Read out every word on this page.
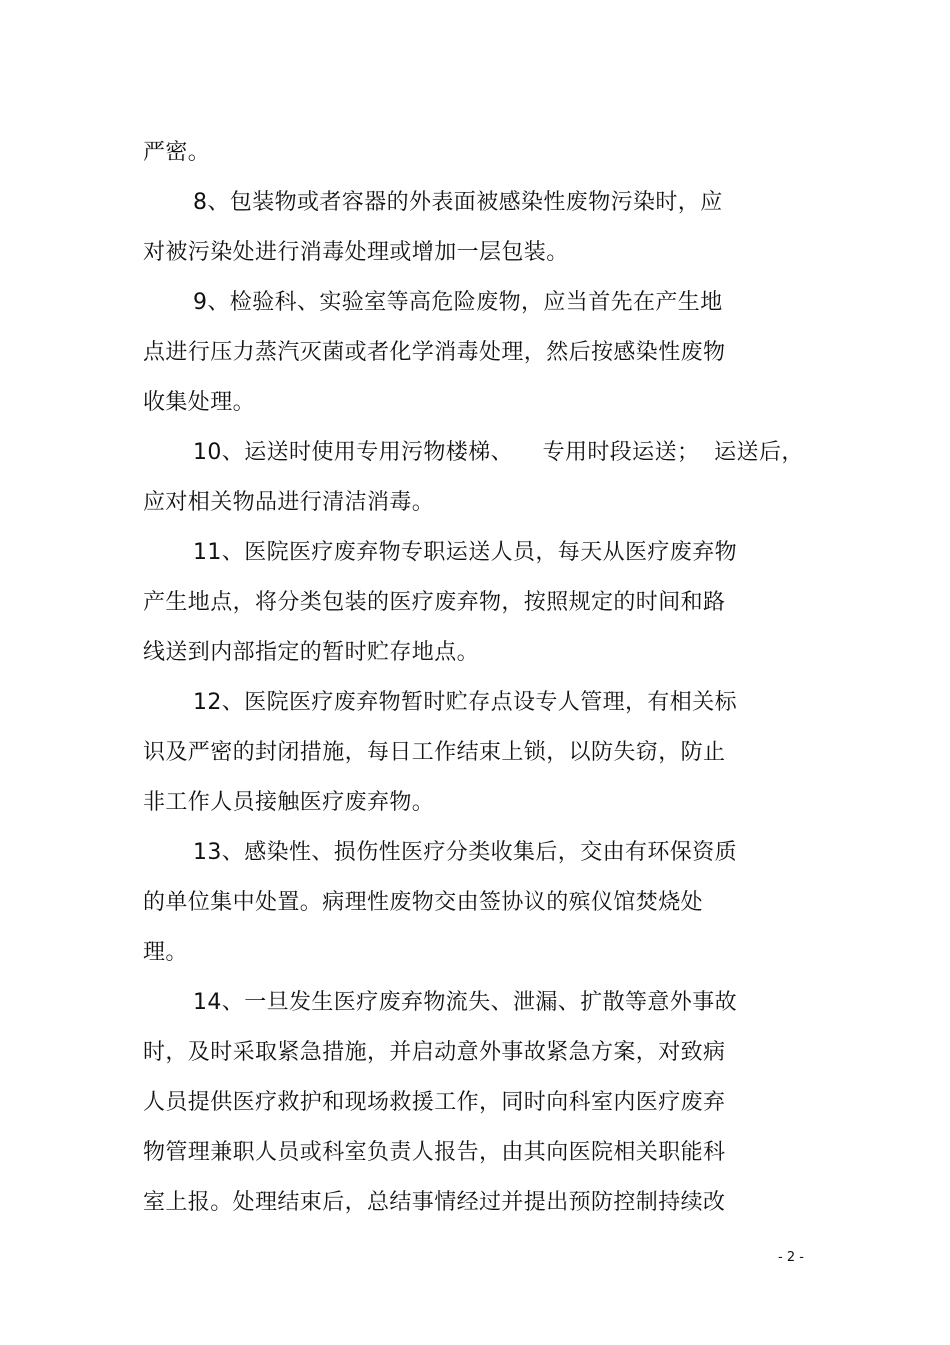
严密。
8、包装物或者容器的外表面被感染性废物污染时，应
对被污染处进行消毒处理或增加一层包装。
9、检验科、实验室等高危险废物，应当首先在产生地
点进行压力蒸汽灭菌或者化学消毒处理，然后按感染性废物
收集处理。
10、运送时使用专用污物楼梯、    专用时段运送；  运送后，
应对相关物品进行清洁消毒。
11、医院医疗废弃物专职运送人员，每天从医疗废弃物
产生地点，将分类包装的医疗废弃物，按照规定的时间和路
线送到内部指定的暂时贮存地点。
12、医院医疗废弃物暂时贮存点设专人管理，有相关标
识及严密的封闭措施，每日工作结束上锁，以防失窃，防止
非工作人员接触医疗废弃物。
13、感染性、损伤性医疗分类收集后，交由有环保资质
的单位集中处置。病理性废物交由签协议的殡仪馆焚烧处
理。
14、一旦发生医疗废弃物流失、泄漏、扩散等意外事故
时，及时采取紧急措施，并启动意外事故紧急方案，对致病
人员提供医疗救护和现场救援工作，同时向科室内医疗废弃
物管理兼职人员或科室负责人报告，由其向医院相关职能科
室上报。处理结束后，总结事情经过并提出预防控制持续改
- 2 -
